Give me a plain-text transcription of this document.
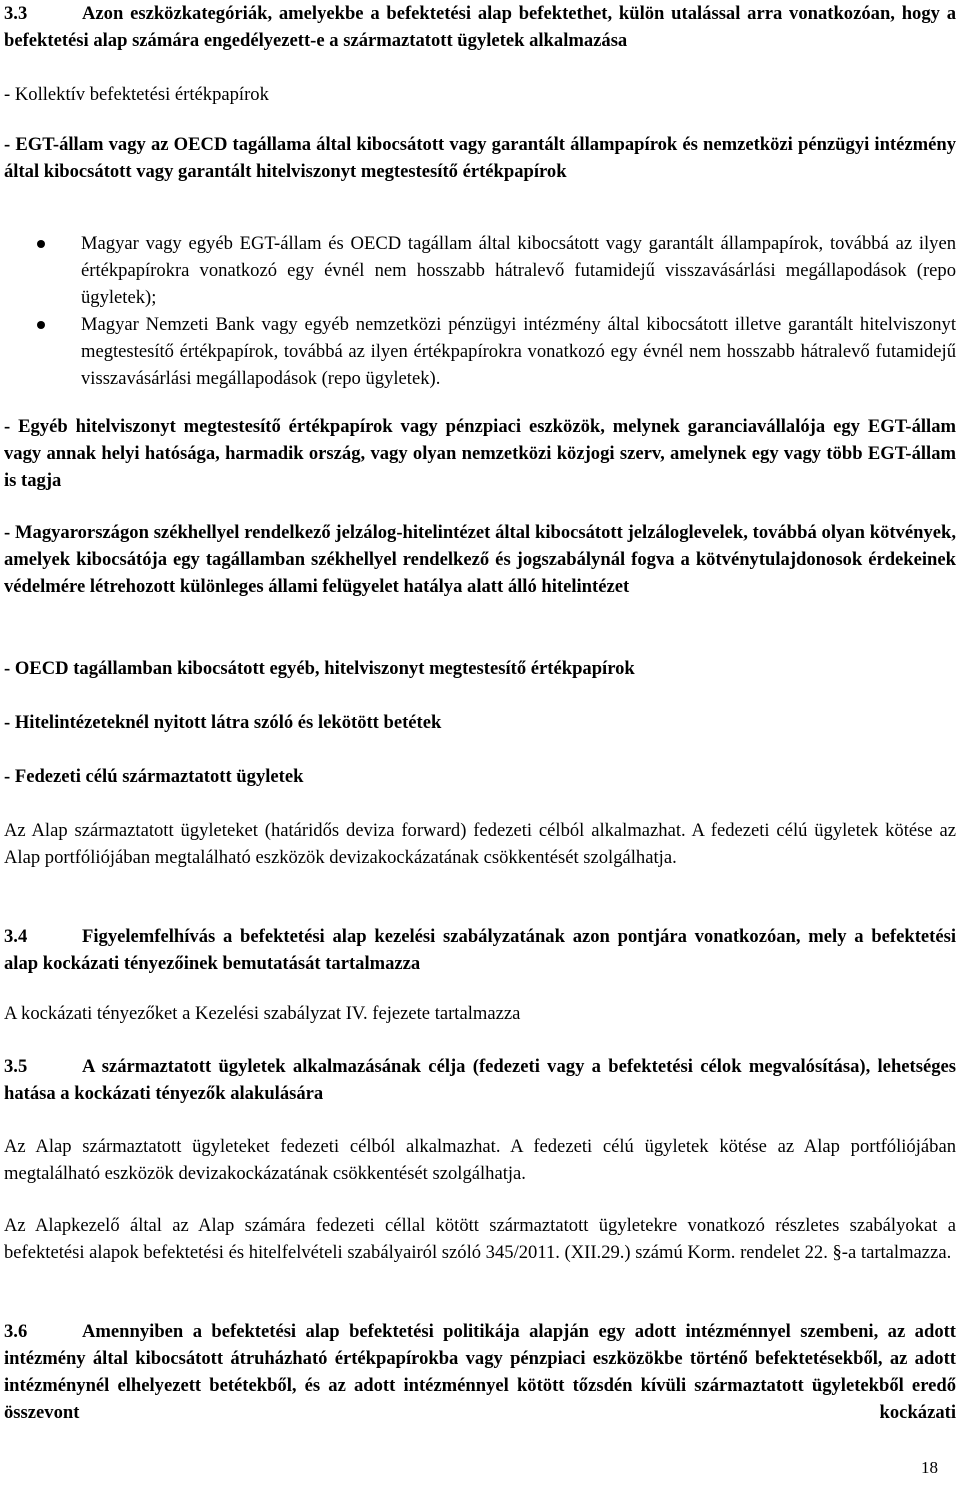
3.3	Azon eszközkategóriák, amelyekbe a befektetési alap befektethet, külön utalással arra vonatkozóan, hogy a befektetési alap számára engedélyezett-e a származtatott ügyletek alkalmazása
- Kollektív befektetési értékpapírok
- EGT-állam vagy az OECD tagállama által kibocsátott vagy garantált állampapírok és nemzetközi pénzügyi intézmény által kibocsátott vagy garantált hitelviszonyt megtestesítő értékpapírok

Magyar vagy egyéb EGT-állam és OECD tagállam által kibocsátott vagy garantált állampapírok, továbbá az ilyen értékpapírokra vonatkozó egy évnél nem hosszabb hátralevő futamidejű visszavásárlási megállapodások (repo ügyletek);

Magyar Nemzeti Bank vagy egyéb nemzetközi pénzügyi intézmény által kibocsátott illetve garantált hitelviszonyt megtestesítő értékpapírok, továbbá az ilyen értékpapírokra vonatkozó egy évnél nem hosszabb hátralevő futamidejű visszavásárlási megállapodások (repo ügyletek).

- Egyéb hitelviszonyt megtestesítő értékpapírok vagy pénzpiaci eszközök, melynek garanciavállalója egy EGT-állam vagy annak helyi hatósága, harmadik ország, vagy olyan nemzetközi közjogi szerv, amelynek egy vagy több EGT-állam is tagja
- Magyarországon székhellyel rendelkező jelzálog-hitelintézet által kibocsátott jelzáloglevelek, továbbá olyan kötvények, amelyek kibocsátója egy tagállamban székhellyel rendelkező és jogszabálynál fogva a kötvénytulajdonosok érdekeinek védelmére létrehozott különleges állami felügyelet hatálya alatt álló hitelintézet
- OECD tagállamban kibocsátott egyéb, hitelviszonyt megtestesítő értékpapírok
- Hitelintézeteknél nyitott látra szóló és lekötött betétek
- Fedezeti célú származtatott ügyletek
Az Alap származtatott ügyleteket (határidős deviza forward) fedezeti célból alkalmazhat. A fedezeti célú ügyletek kötése az Alap portfóliójában megtalálható eszközök devizakockázatának csökkentését szolgálhatja.
3.4	Figyelemfelhívás a befektetési alap kezelési szabályzatának azon pontjára vonatkozóan, mely a befektetési alap kockázati tényezőinek bemutatását tartalmazza
A kockázati tényezőket a Kezelési szabályzat IV. fejezete tartalmazza
3.5	A származtatott ügyletek alkalmazásának célja (fedezeti vagy a befektetési célok megvalósítása), lehetséges hatása a kockázati tényezők alakulására
Az Alap származtatott ügyleteket fedezeti célból alkalmazhat. A fedezeti célú ügyletek kötése az Alap portfóliójában megtalálható eszközök devizakockázatának csökkentését szolgálhatja.
Az Alapkezelő által az Alap számára fedezeti céllal kötött származtatott ügyletekre vonatkozó részletes szabályokat a befektetési alapok befektetési és hitelfelvételi szabályairól szóló 345/2011. (XII.29.) számú Korm. rendelet 22. §-a tartalmazza.
3.6	Amennyiben a befektetési alap befektetési politikája alapján egy adott intézménnyel szembeni, az adott intézmény által kibocsátott átruházható értékpapírokba vagy pénzpiaci eszközökbe történő befektetésekből, az adott intézménynél elhelyezett betétekből, és az adott intézménnyel kötött tőzsdén kívüli származtatott ügyletekből eredő összevont kockázati
18
